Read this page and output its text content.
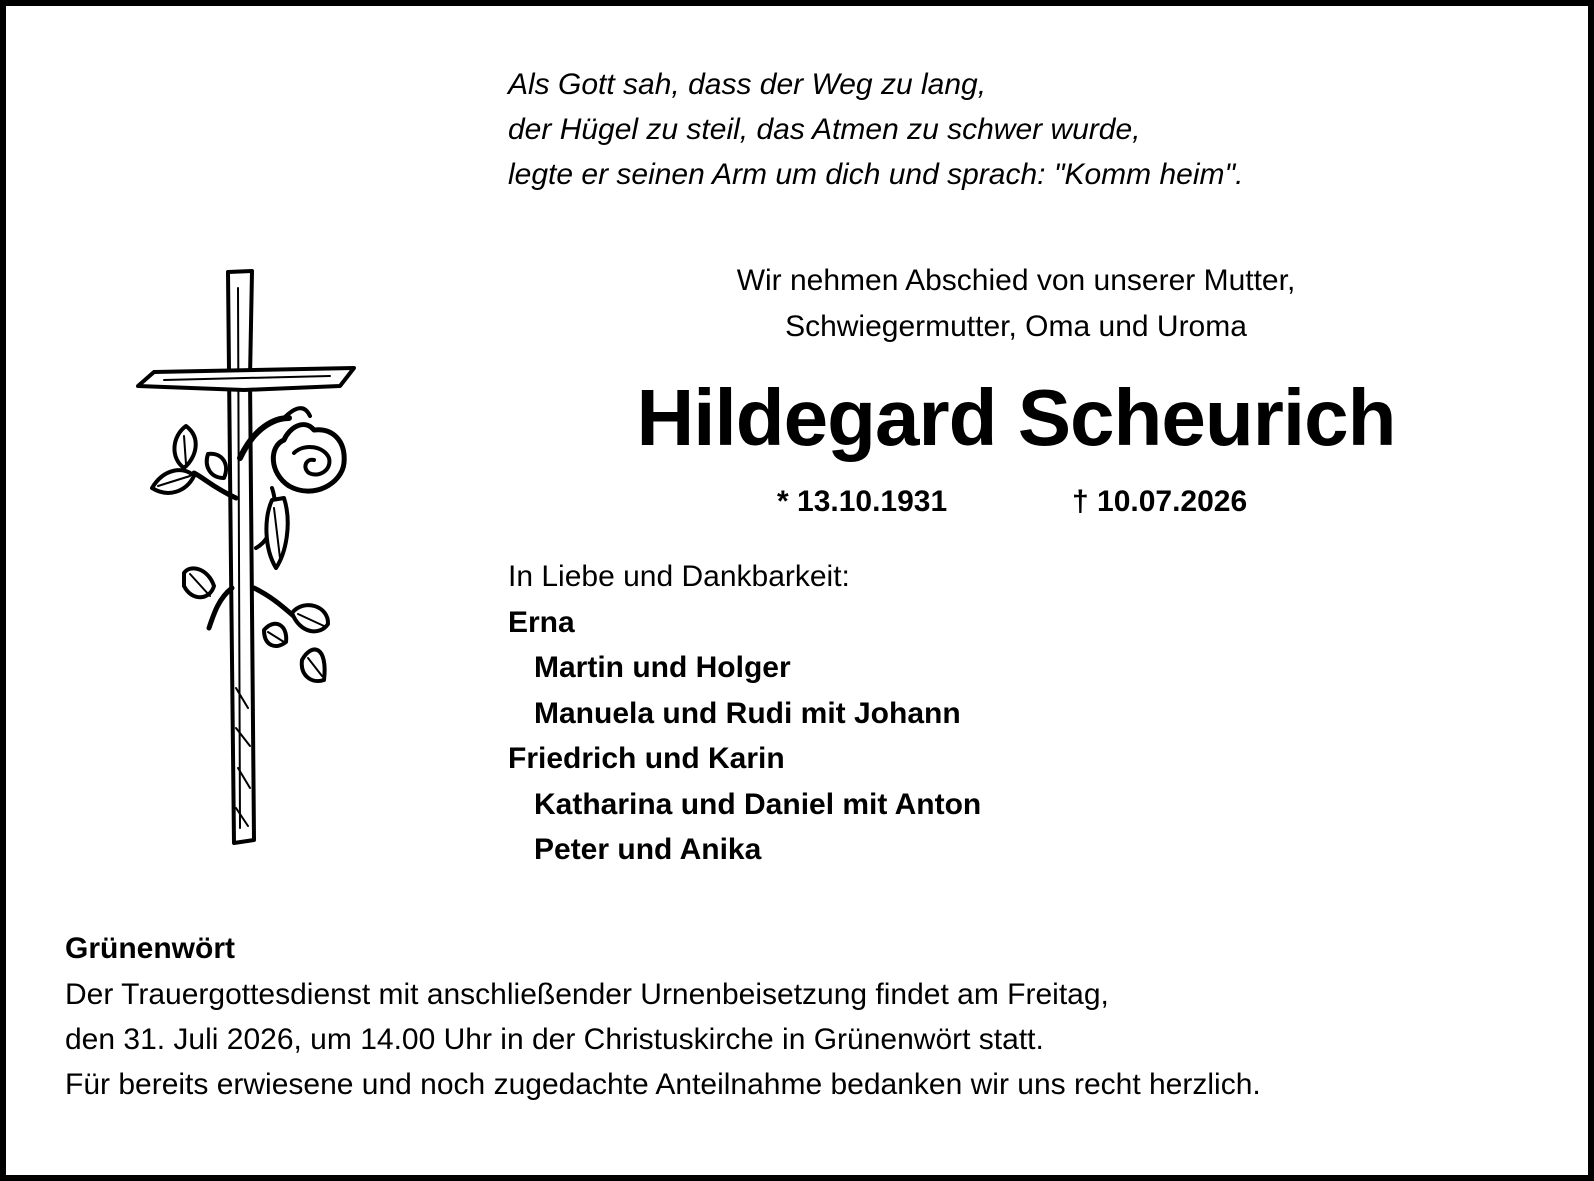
Als Gott sah, dass der Weg zu lang,
der Hügel zu steil, das Atmen zu schwer wurde,
legte er seinen Arm um dich und sprach: "Komm heim".
Wir nehmen Abschied von unserer Mutter,
Schwiegermutter, Oma und Uroma
Hildegard Scheurich
* 13.10.1931	† 10.07.2026
In Liebe und Dankbarkeit:
Erna
Martin und Holger
Manuela und Rudi mit Johann
Friedrich und Karin
Katharina und Daniel mit Anton
Peter und Anika
Grünenwört
Der Trauergottesdienst mit anschließender Urnenbeisetzung findet am Freitag,
den 31. Juli 2026, um 14.00 Uhr in der Christuskirche in Grünenwört statt.
Für bereits erwiesene und noch zugedachte Anteilnahme bedanken wir uns recht herzlich.
